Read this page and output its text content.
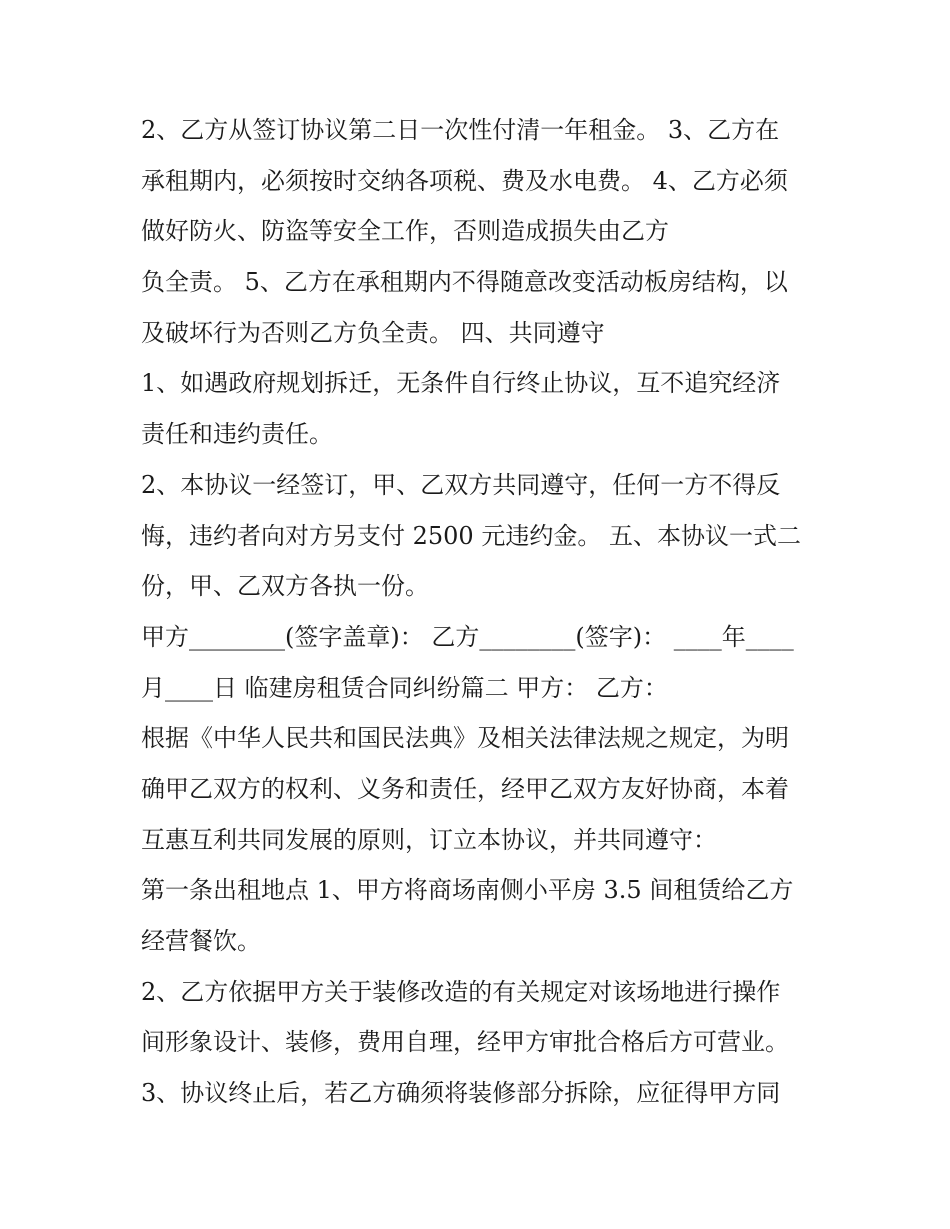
2、乙方从签订协议第二日一次性付清一年租金。 3、乙方在
承租期内，必须按时交纳各项税、费及水电费。 4、乙方必须
做好防火、防盗等安全工作，否则造成损失由乙方
负全责。 5、乙方在承租期内不得随意改变活动板房结构，以
及破坏行为否则乙方负全责。 四、共同遵守
1、如遇政府规划拆迁，无条件自行终止协议，互不追究经济
责任和违约责任。
2、本协议一经签订，甲、乙双方共同遵守，任何一方不得反
悔，违约者向对方另支付 2500 元违约金。 五、本协议一式二
份，甲、乙双方各执一份。
甲方________(签字盖章)： 乙方________(签字)： ____年____
月____日 临建房租赁合同纠纷篇二 甲方： 乙方：
根据《中华人民共和国民法典》及相关法律法规之规定，为明
确甲乙双方的权利、义务和责任，经甲乙双方友好协商，本着
互惠互利共同发展的原则，订立本协议，并共同遵守：
第一条出租地点 1、甲方将商场南侧小平房 3.5 间租赁给乙方
经营餐饮。
2、乙方依据甲方关于装修改造的有关规定对该场地进行操作
间形象设计、装修，费用自理，经甲方审批合格后方可营业。
3、协议终止后，若乙方确须将装修部分拆除，应征得甲方同
